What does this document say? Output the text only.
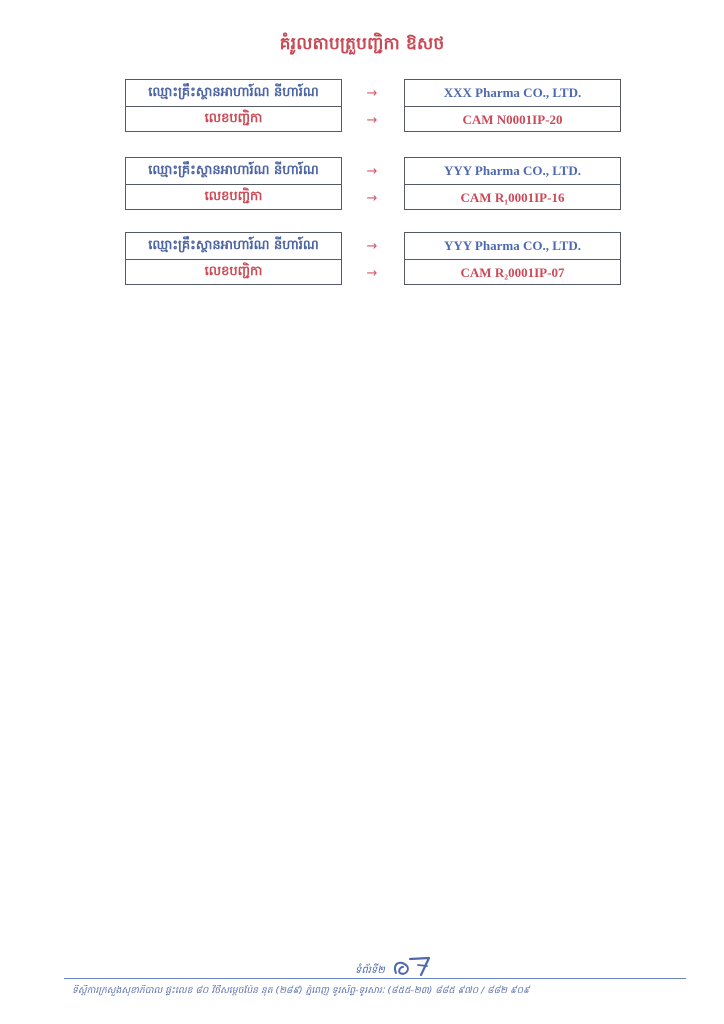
គំរូលតាបត្រួបញ្ជិកា ឱសថ
ឈ្មោះគ្រឹះស្ថានអាហារ៍ណ នីហារ៍ណ
លេខបញ្ជិកា
→
→
XXX Pharma CO., LTD.
CAM N0001IP-20
ឈ្មោះគ្រឹះស្ថានអាហារ៍ណ នីហារ៍ណ
លេខបញ្ជិកា
→
→
YYY Pharma CO., LTD.
CAM R₁0001IP-16
ឈ្មោះគ្រឹះស្ថានអាហារ៍ណ នីហារ៍ណ
លេខបញ្ជិកា
→
→
YYY Pharma CO., LTD.
CAM R₂0001IP-07
ទំព័រទី២
ទីស្តីការក្រសួងសុខាភិបាល ផ្ទះលេខ ៨០ វិថីសម្តេចប៉ែន នុត (២៨៩) ភ្នំពេញ ទូរស័ព្ទ-ទូរសារៈ (៨៥៥-២៣) ៨៨៥ ៩៧០ / ៨៨២ ៩០៩
